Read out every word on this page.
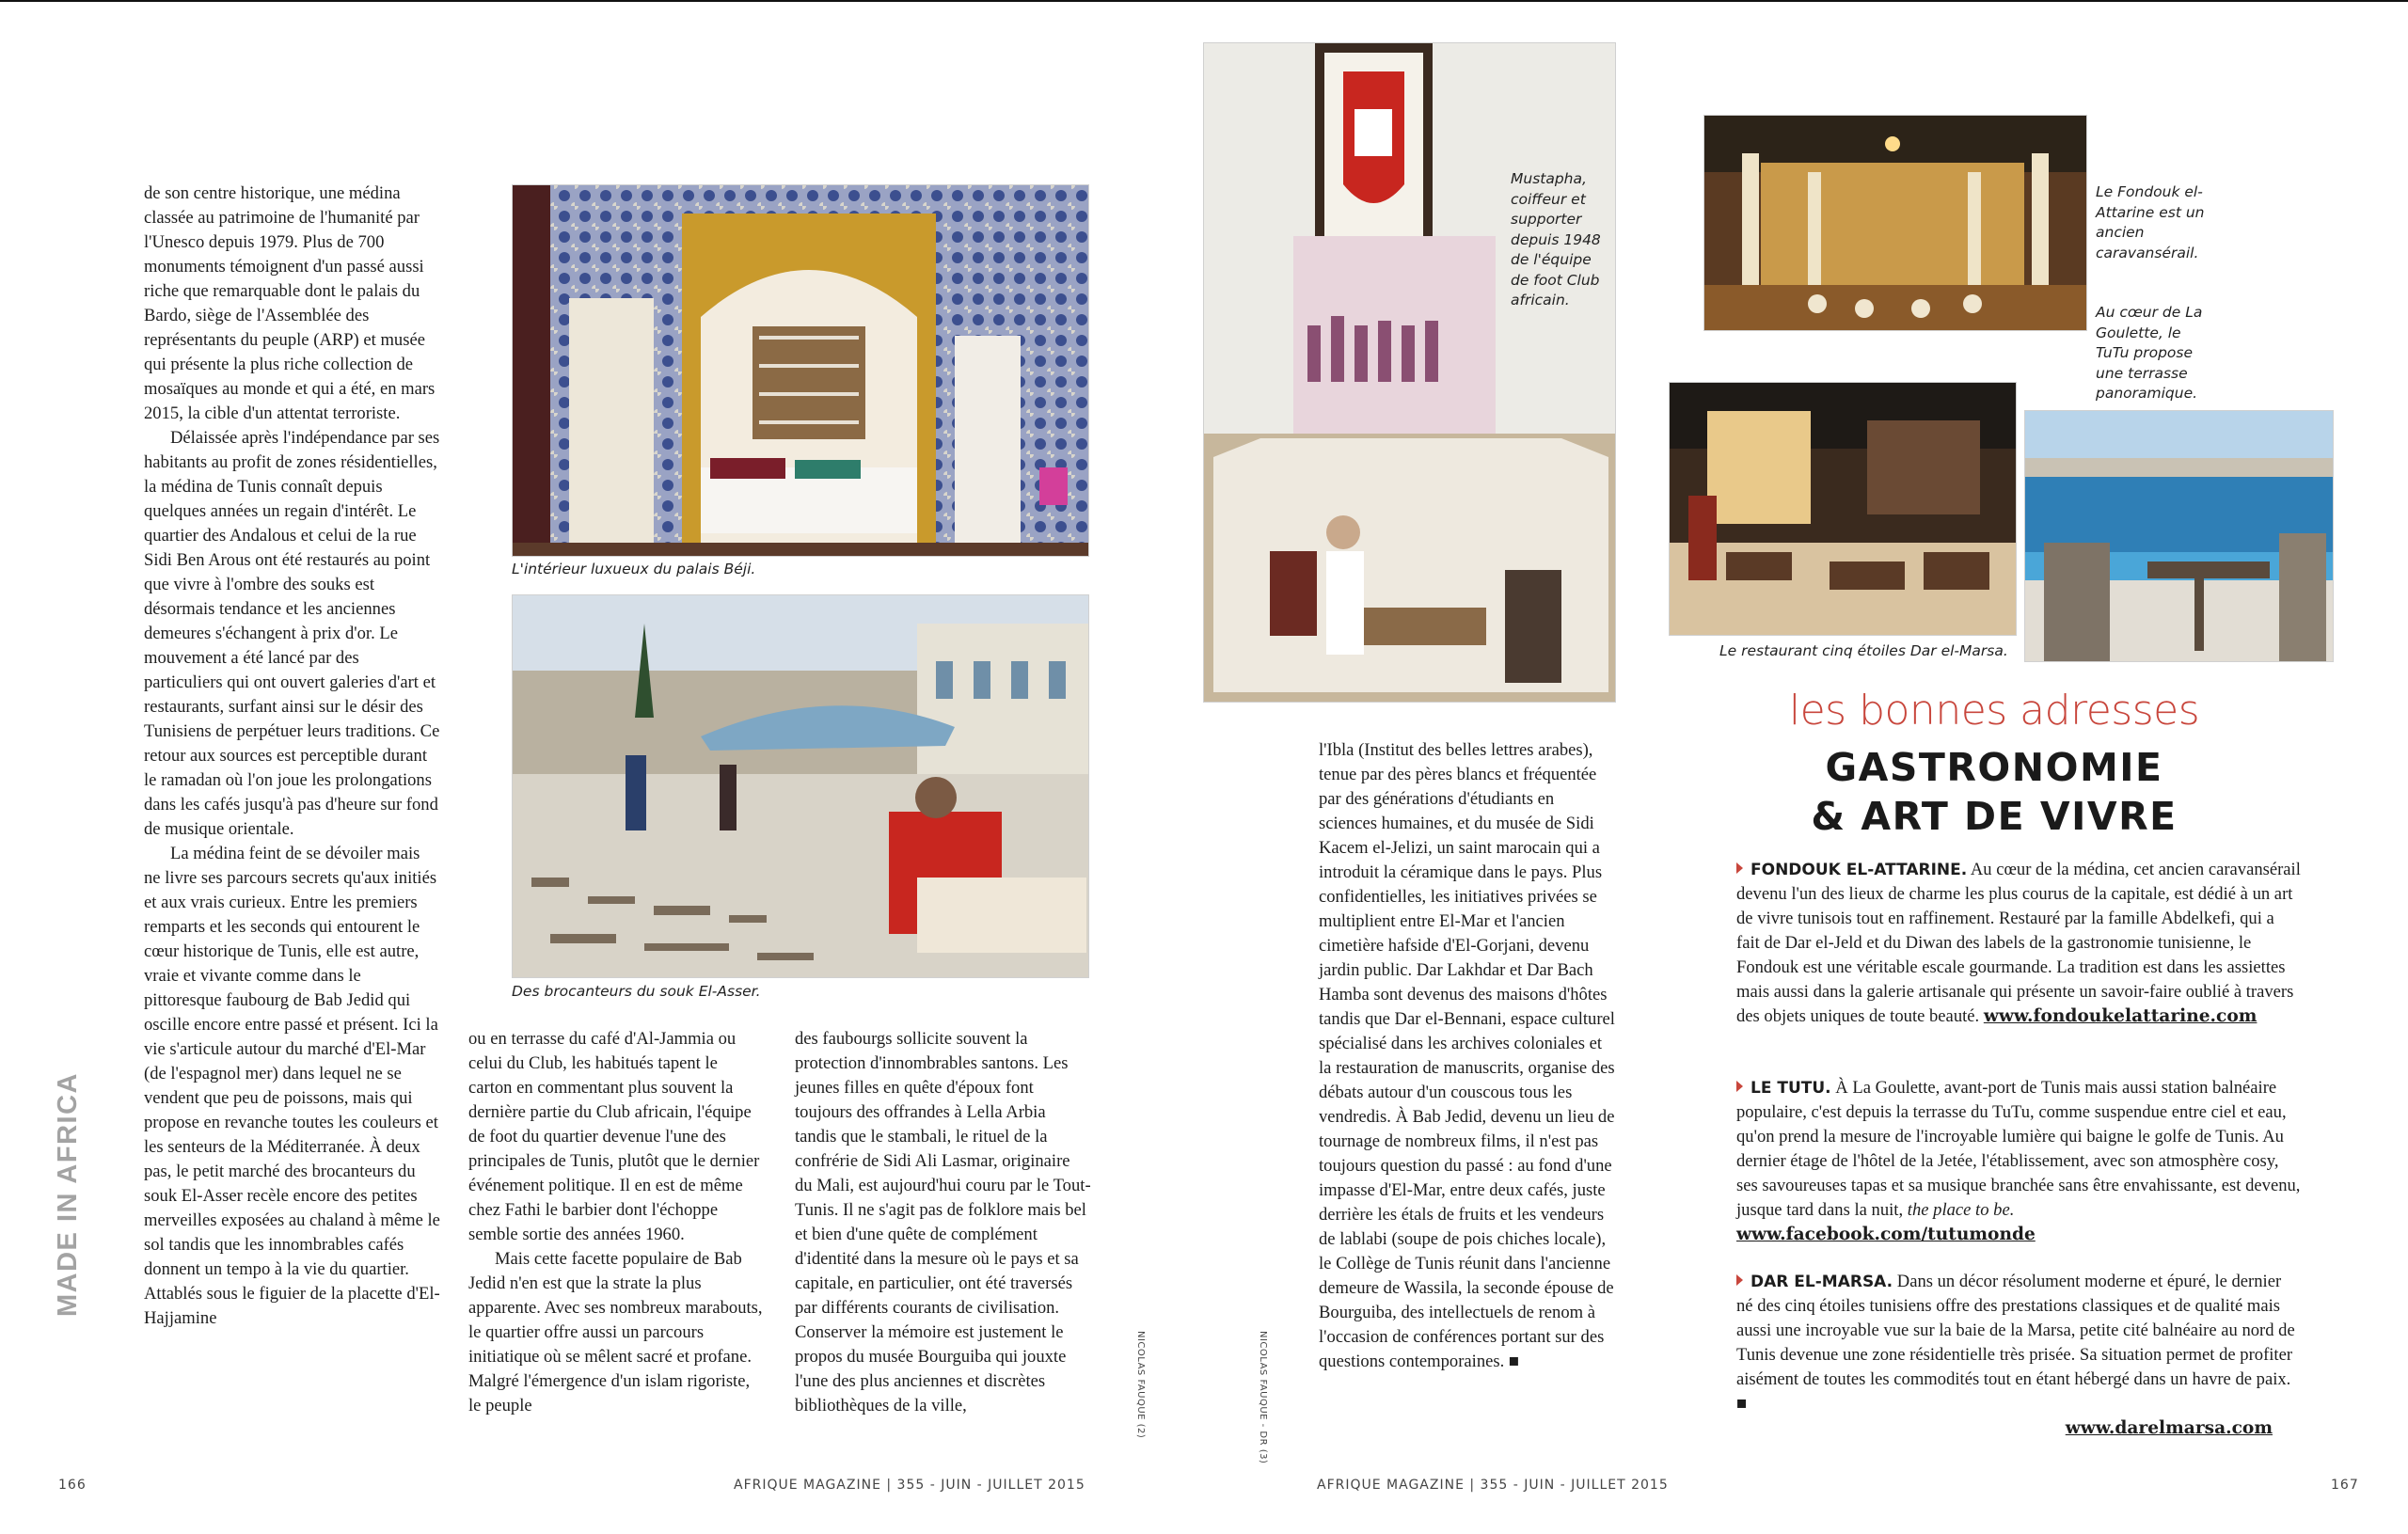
MADE IN AFRICA

de son centre historique, une médina classée au patrimoine de l'humanité par l'Unesco depuis 1979. Plus de 700 monuments témoignent d'un passé aussi riche que remarquable dont le palais du Bardo, siège de l'Assemblée des représentants du peuple (ARP) et musée qui présente la plus riche collection de mosaïques au monde et qui a été, en mars 2015, la cible d'un attentat terroriste.

Délaissée après l'indépendance par ses habitants au profit de zones résidentielles, la médina de Tunis connaît depuis quelques années un regain d'intérêt. Le quartier des Andalous et celui de la rue Sidi Ben Arous ont été restaurés au point que vivre à l'ombre des souks est désormais tendance et les anciennes demeures s'échangent à prix d'or. Le mouvement a été lancé par des particuliers qui ont ouvert galeries d'art et restaurants, surfant ainsi sur le désir des Tunisiens de perpétuer leurs traditions. Ce retour aux sources est perceptible durant le ramadan où l'on joue les prolongations dans les cafés jusqu'à pas d'heure sur fond de musique orientale.

La médina feint de se dévoiler mais ne livre ses parcours secrets qu'aux initiés et aux vrais curieux. Entre les premiers remparts et les seconds qui entourent le cœur historique de Tunis, elle est autre, vraie et vivante comme dans le pittoresque faubourg de Bab Jedid qui oscille encore entre passé et présent. Ici la vie s'articule autour du marché d'El-Mar (de l'espagnol mer) dans lequel ne se vendent que peu de poissons, mais qui propose en revanche toutes les couleurs et les senteurs de la Méditerranée. À deux pas, le petit marché des brocanteurs du souk El-Asser recèle encore des petites merveilles exposées au chaland à même le sol tandis que les innombrables cafés donnent un tempo à la vie du quartier. Attablés sous le figuier de la placette d'El-Hajjamine

L'intérieur luxueux du palais Béji.
Des brocanteurs du souk El-Asser.

ou en terrasse du café d'Al-Jammia ou celui du Club, les habitués tapent le carton en commentant plus souvent la dernière partie du Club africain, l'équipe de foot du quartier devenue l'une des principales de Tunis, plutôt que le dernier événement politique. Il en est de même chez Fathi le barbier dont l'échoppe semble sortie des années 1960.

Mais cette facette populaire de Bab Jedid n'en est que la strate la plus apparente. Avec ses nombreux marabouts, le quartier offre aussi un parcours initiatique où se mêlent sacré et profane. Malgré l'émergence d'un islam rigoriste, le peuple

des faubourgs sollicite souvent la protection d'innombrables santons. Les jeunes filles en quête d'époux font toujours des offrandes à Lella Arbia tandis que le stambali, le rituel de la confrérie de Sidi Ali Lasmar, originaire du Mali, est aujourd'hui couru par le Tout-Tunis. Il ne s'agit pas de folklore mais bel et bien d'une quête de complément d'identité dans la mesure où le pays et sa capitale, en particulier, ont été traversés par différents courants de civilisation. Conserver la mémoire est justement le propos du musée Bourguiba qui jouxte l'une des plus anciennes et discrètes bibliothèques de la ville,	NICOLAS FAUQUE (2)
166	AFRIQUE MAGAZINE | 355 - JUIN - JUILLET 2015
Mustapha, coiffeur et supporter depuis 1948 de l'équipe de foot Club africain.

l'Ibla (Institut des belles lettres arabes), tenue par des pères blancs et fréquentée par des générations d'étudiants en sciences humaines, et du musée de Sidi Kacem el-Jelizi, un saint marocain qui a introduit la céramique dans le pays. Plus confidentielles, les initiatives privées se multiplient entre El-Mar et l'ancien cimetière hafside d'El-Gorjani, devenu jardin public. Dar Lakhdar et Dar Bach Hamba sont devenus des maisons d'hôtes tandis que Dar el-Bennani, espace culturel spécialisé dans les archives coloniales et la restauration de manuscrits, organise des débats autour d'un couscous tous les vendredis. À Bab Jedid, devenu un lieu de tournage de nombreux films, il n'est pas toujours question du passé : au fond d'une impasse d'El-Mar, entre deux cafés, juste derrière les étals de fruits et les vendeurs de lablabi (soupe de pois chiches locale), le Collège de Tunis réunit dans l'ancienne demeure de Wassila, la seconde épouse de Bourguiba, des intellectuels de renom à l'occasion de conférences portant sur des questions contemporaines. ■

NICOLAS FAUQUE - DR (3)
Le Fondouk el-Attarine est un ancien caravansérail.
Au cœur de La Goulette, le TuTu propose une terrasse panoramique.
Le restaurant cinq étoiles Dar el-Marsa.
les bonnes adresses
GASTRONOMIE
& ART DE VIVRE
FONDOUK EL-ATTARINE. Au cœur de la médina, cet ancien caravansérail devenu l'un des lieux de charme les plus courus de la capitale, est dédié à un art de vivre tunisois tout en raffinement. Restauré par la famille Abdelkefi, qui a fait de Dar el-Jeld et du Diwan des labels de la gastronomie tunisienne, le Fondouk est une véritable escale gourmande. La tradition est dans les assiettes mais aussi dans la galerie artisanale qui présente un savoir-faire oublié à travers des objets uniques de toute beauté. www.fondoukelattarine.com
LE TUTU. À La Goulette, avant-port de Tunis mais aussi station balnéaire populaire, c'est depuis la terrasse du TuTu, comme suspendue entre ciel et eau, qu'on prend la mesure de l'incroyable lumière qui baigne le golfe de Tunis. Au dernier étage de l'hôtel de la Jetée, l'établissement, avec son atmosphère cosy, ses savoureuses tapas et sa musique branchée sans être envahissante, est devenu, jusque tard dans la nuit, the place to be. www.facebook.com/tutumonde
DAR EL-MARSA. Dans un décor résolument moderne et épuré, le dernier né des cinq étoiles tunisiens offre des prestations classiques et de qualité mais aussi une incroyable vue sur la baie de la Marsa, petite cité balnéaire au nord de Tunis devenue une zone résidentielle très prisée. Sa situation permet de profiter aisément de toutes les commodités tout en étant hébergé dans un havre de paix. ■
www.darelmarsa.com
AFRIQUE MAGAZINE | 355 - JUIN - JUILLET 2015	167
